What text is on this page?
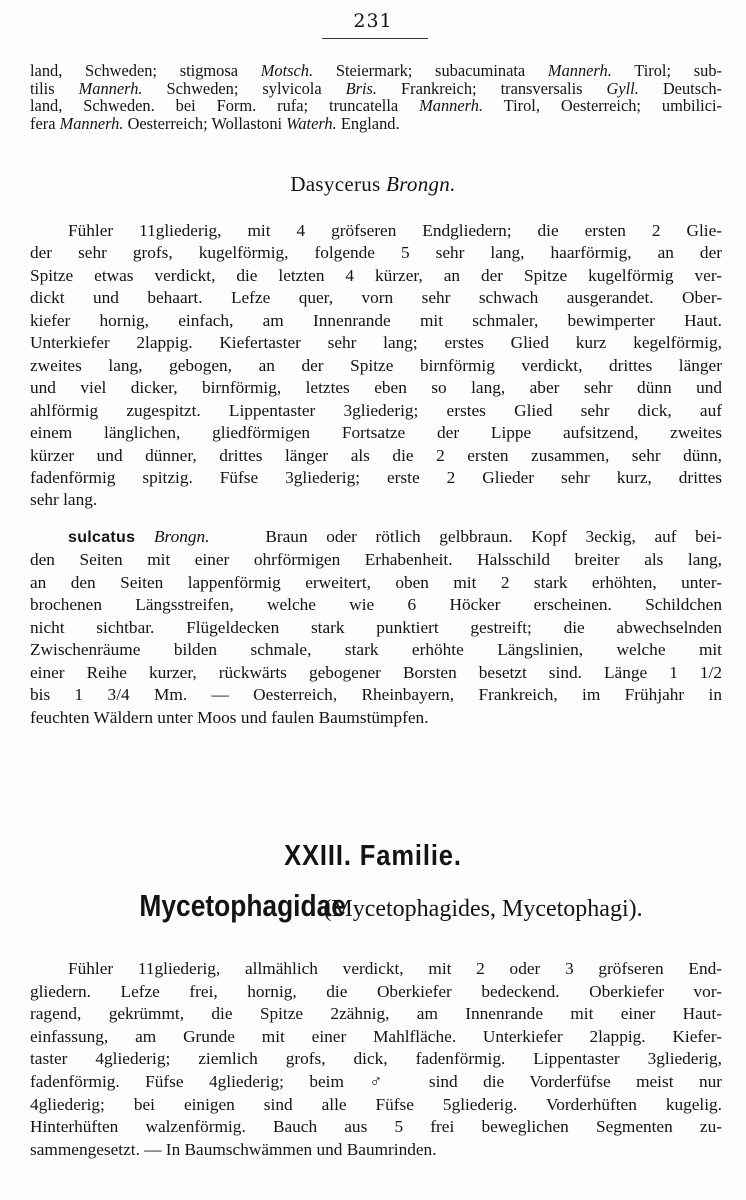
231
land, Schweden; stigmosa Motsch. Steiermark; subacuminata Mannerh. Tirol; sub-
tilis Mannerh. Schweden; sylvicola Bris. Frankreich; transversalis Gyll. Deutsch-
land, Schweden. bei Form. rufa; truncatella Mannerh. Tirol, Oesterreich; umbilici-
fera Mannerh. Oesterreich; Wollastoni Waterh. England.
Dasycerus Brongn.
Fühler 11gliederig, mit 4 gröfseren Endgliedern; die ersten 2 Glie-
der sehr grofs, kugelförmig, folgende 5 sehr lang, haarförmig, an der
Spitze etwas verdickt, die letzten 4 kürzer, an der Spitze kugelförmig ver-
dickt und behaart. Lefze quer, vorn sehr schwach ausgerandet. Ober-
kiefer hornig, einfach, am Innenrande mit schmaler, bewimperter Haut.
Unterkiefer 2lappig. Kiefertaster sehr lang; erstes Glied kurz kegelförmig,
zweites lang, gebogen, an der Spitze birnförmig verdickt, drittes länger
und viel dicker, birnförmig, letztes eben so lang, aber sehr dünn und
ahlförmig zugespitzt. Lippentaster 3gliederig; erstes Glied sehr dick, auf
einem länglichen, gliedförmigen Fortsatze der Lippe aufsitzend, zweites
kürzer und dünner, drittes länger als die 2 ersten zusammen, sehr dünn,
fadenförmig spitzig. Füfse 3gliederig; erste 2 Glieder sehr kurz, drittes
sehr lang.
sulcatus Brongn.	Braun oder rötlich gelbbraun. Kopf 3eckig, auf bei-
den Seiten mit einer ohrförmigen Erhabenheit. Halsschild breiter als lang,
an den Seiten lappenförmig erweitert, oben mit 2 stark erhöhten, unter-
brochenen Längsstreifen, welche wie 6 Höcker erscheinen. Schildchen
nicht sichtbar. Flügeldecken stark punktiert gestreift; die abwechselnden
Zwischenräume bilden schmale, stark erhöhte Längslinien, welche mit
einer Reihe kurzer, rückwärts gebogener Borsten besetzt sind. Länge 1 1/2
bis 1 3/4 Mm. — Oesterreich, Rheinbayern, Frankreich, im Frühjahr in
feuchten Wäldern unter Moos und faulen Baumstümpfen.
XXIII. Familie.
Mycetophagidae (Mycetophagides, Mycetophagi).
Fühler 11gliederig, allmählich verdickt, mit 2 oder 3 gröfseren End-
gliedern. Lefze frei, hornig, die Oberkiefer bedeckend. Oberkiefer vor-
ragend, gekrümmt, die Spitze 2zähnig, am Innenrande mit einer Haut-
einfassung, am Grunde mit einer Mahlfläche. Unterkiefer 2lappig. Kiefer-
taster 4gliederig; ziemlich grofs, dick, fadenförmig. Lippentaster 3gliederig,
fadenförmig. Füfse 4gliederig; beim ♂ sind die Vorderfüfse meist nur
4gliederig; bei einigen sind alle Füfse 5gliederig. Vorderhüften kugelig.
Hinterhüften walzenförmig. Bauch aus 5 frei beweglichen Segmenten zu-
sammengesetzt. — In Baumschwämmen und Baumrinden.
